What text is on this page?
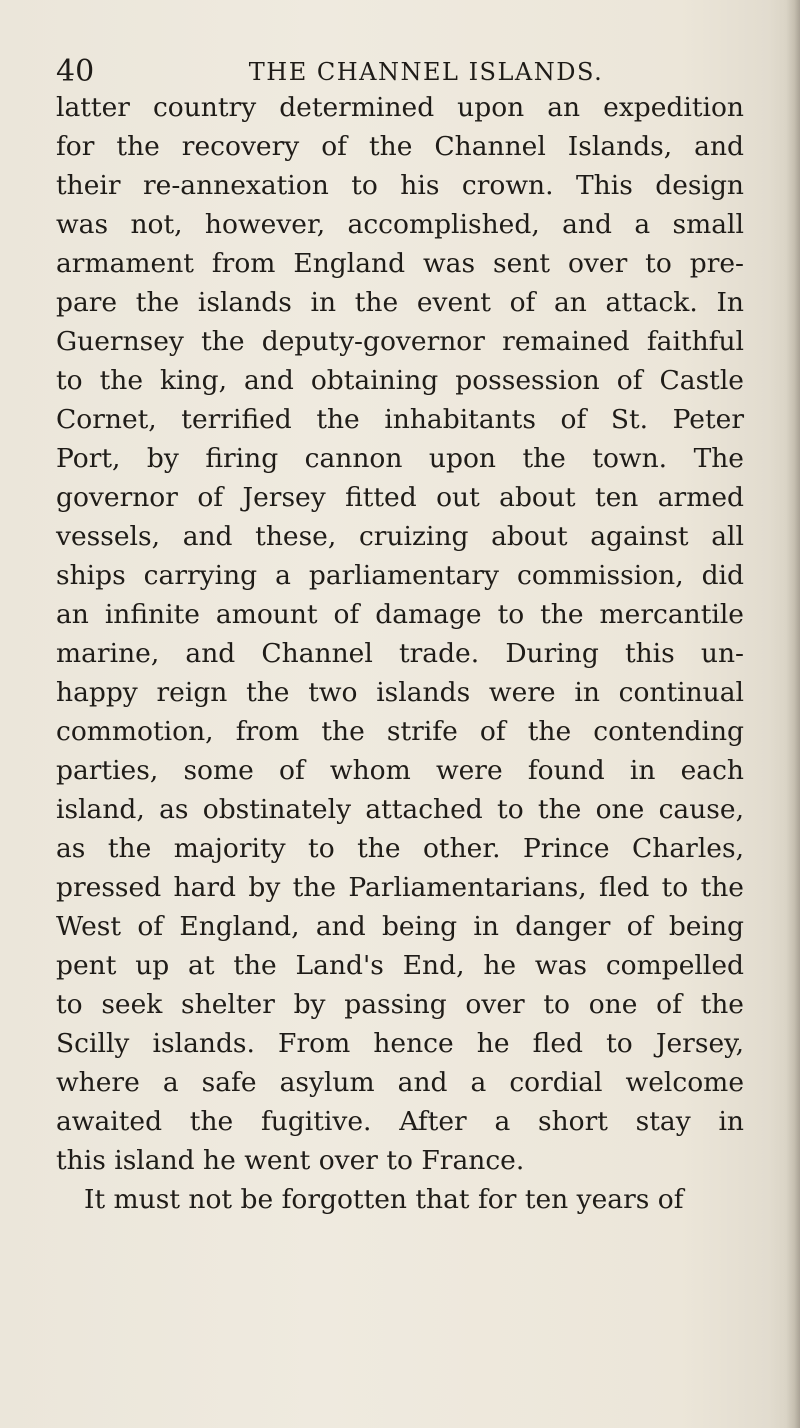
40	THE CHANNEL ISLANDS.
latter country determined upon an expedition
for the recovery of the Channel Islands, and
their re-annexation to his crown. This design
was not, however, accomplished, and a small
armament from England was sent over to pre-
pare the islands in the event of an attack. In
Guernsey the deputy-governor remained faithful
to the king, and obtaining possession of Castle
Cornet, terrified the inhabitants of St. Peter
Port, by firing cannon upon the town. The
governor of Jersey fitted out about ten armed
vessels, and these, cruizing about against all
ships carrying a parliamentary commission, did
an infinite amount of damage to the mercantile
marine, and Channel trade. During this un-
happy reign the two islands were in continual
commotion, from the strife of the contending
parties, some of whom were found in each
island, as obstinately attached to the one cause,
as the majority to the other. Prince Charles,
pressed hard by the Parliamentarians, fled to the
West of England, and being in danger of being
pent up at the Land's End, he was compelled
to seek shelter by passing over to one of the
Scilly islands. From hence he fled to Jersey,
where a safe asylum and a cordial welcome
awaited the fugitive. After a short stay in
this island he went over to France.
It must not be forgotten that for ten years of
